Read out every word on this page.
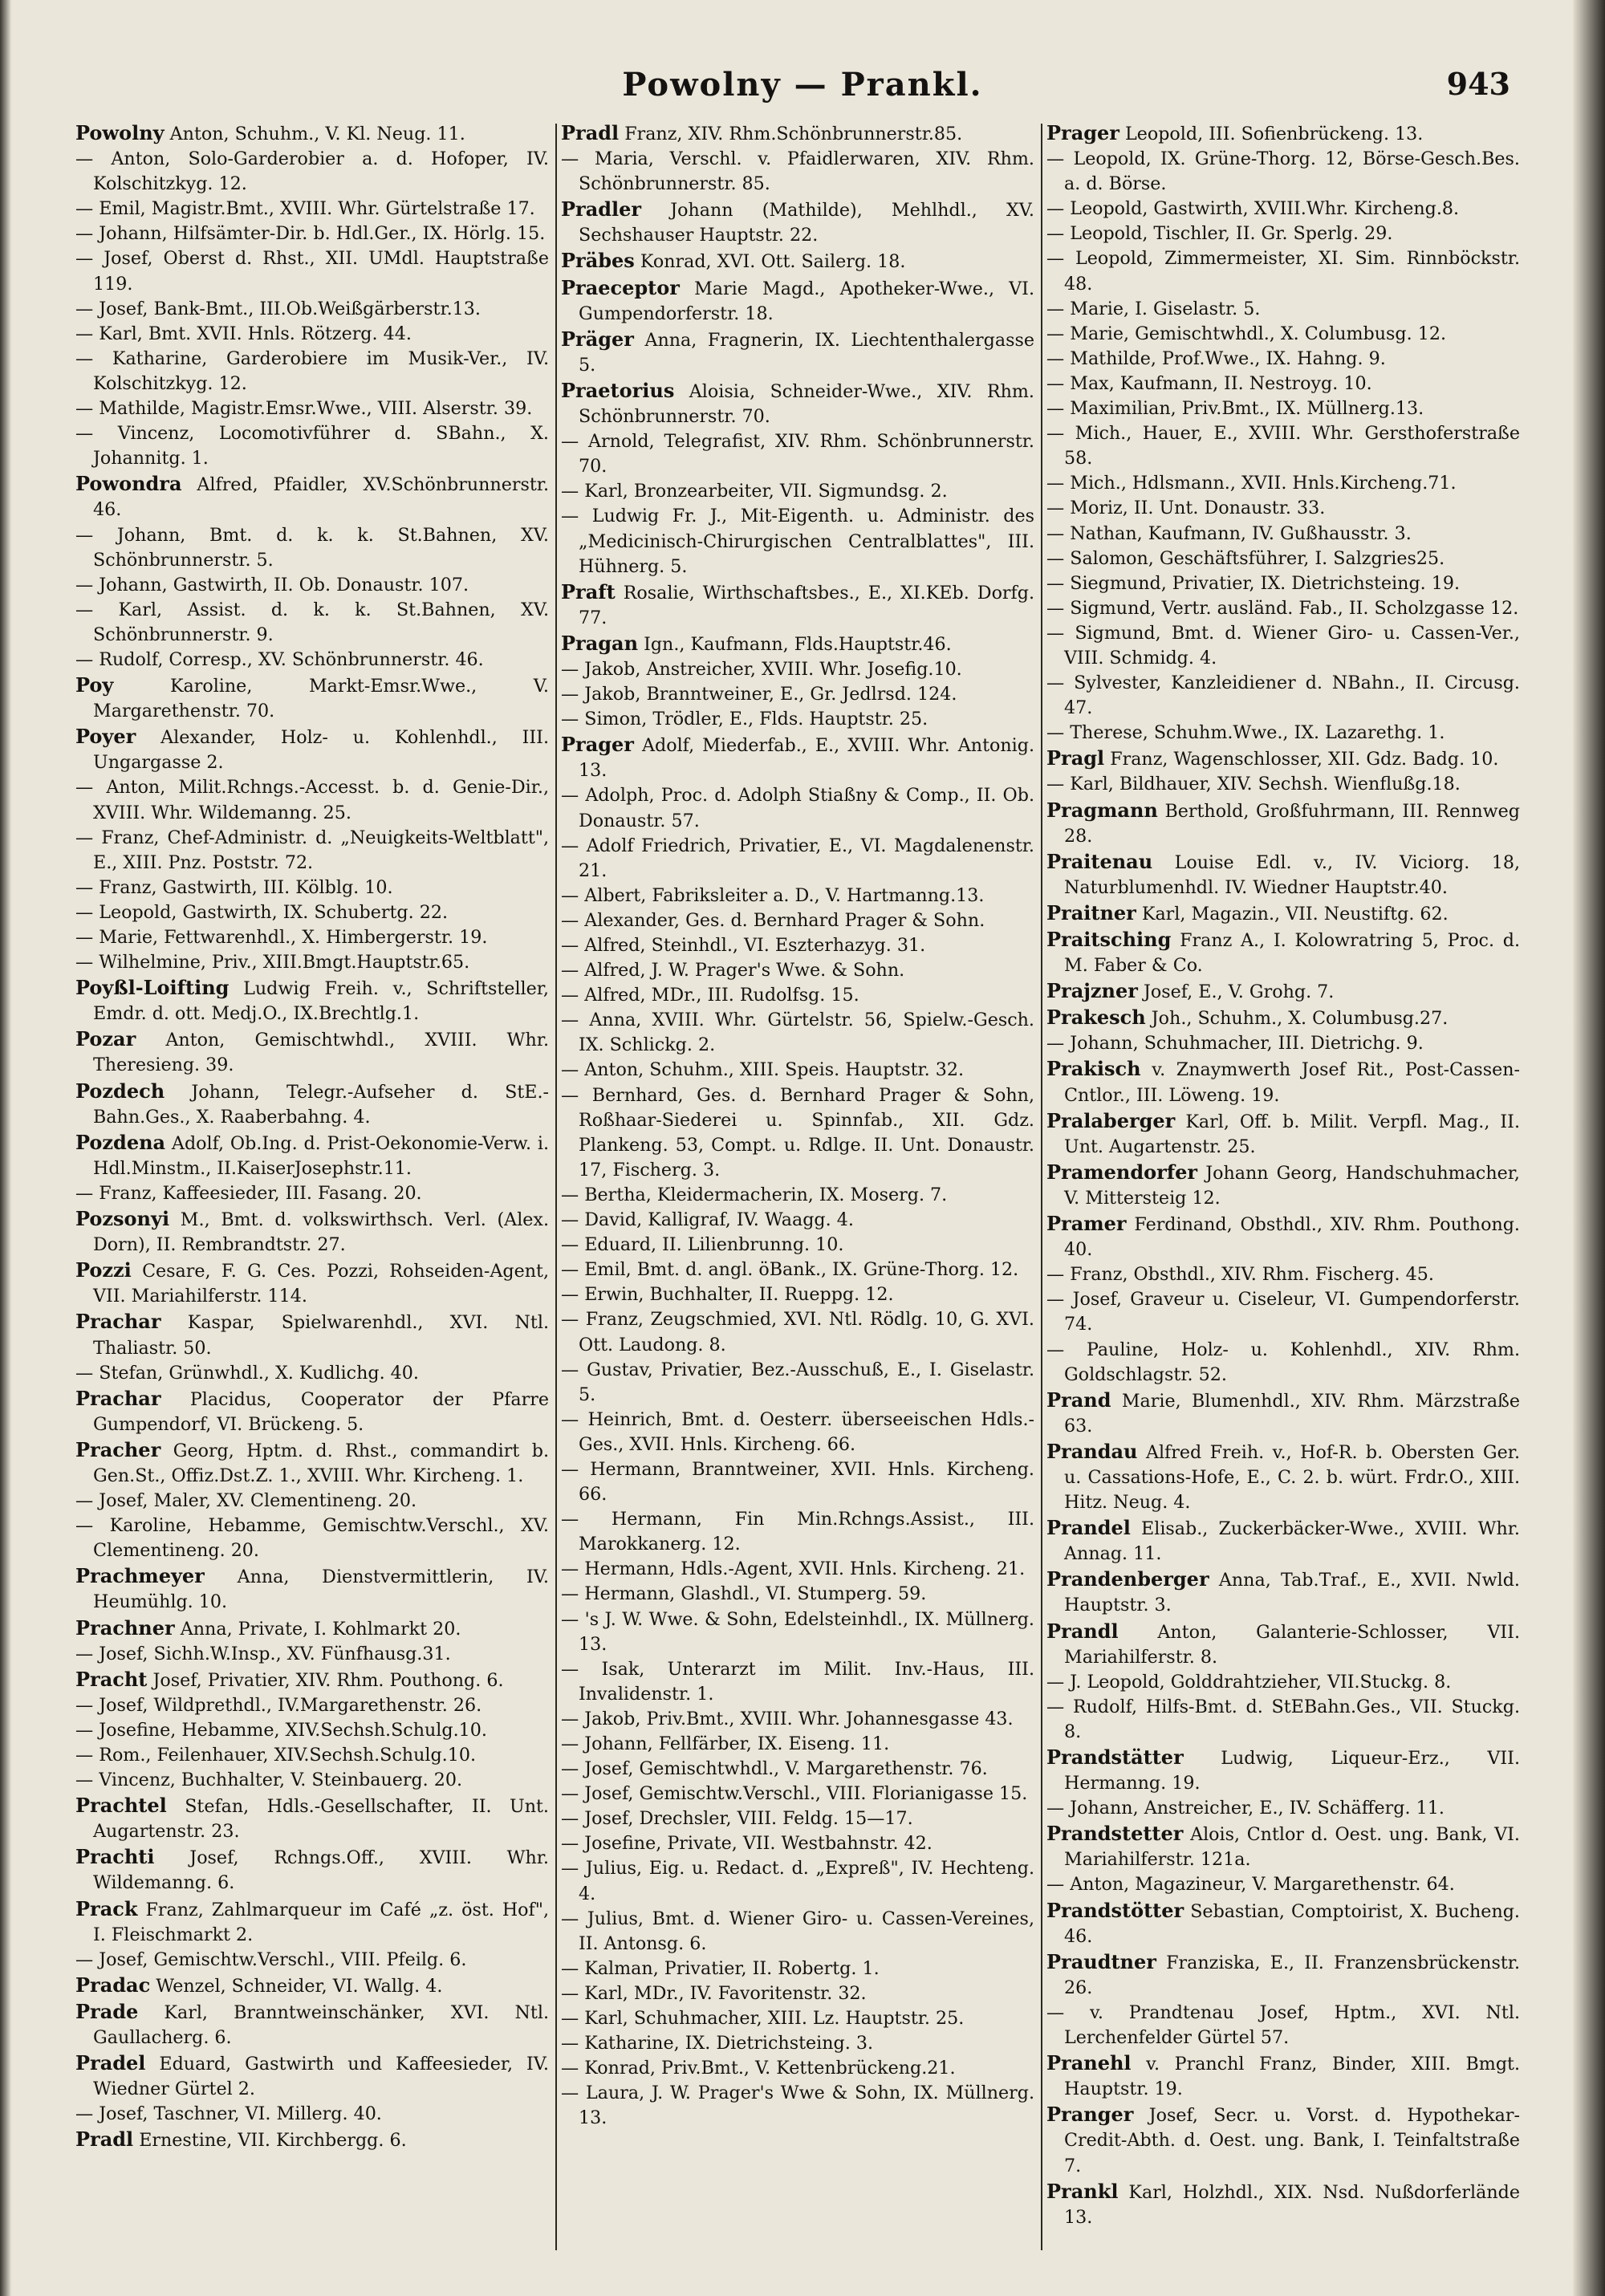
Powolny — Prankl.	943

Powolny Anton, Schuhm., V. Kl. Neug. 11.

— Anton, Solo-Garderobier a. d. Hofoper, IV. Kolschitzkyg. 12.

— Emil, Magistr.Bmt., XVIII. Whr. Gürtelstraße 17.

— Johann, Hilfsämter-Dir. b. Hdl.Ger., IX. Hörlg. 15.

— Josef, Oberst d. Rhst., XII. UMdl. Hauptstraße 119.

— Josef, Bank-Bmt., III.Ob.Weißgärberstr.13.

— Karl, Bmt. XVII. Hnls. Rötzerg. 44.

— Katharine, Garderobiere im Musik-Ver., IV. Kolschitzkyg. 12.

— Mathilde, Magistr.Emsr.Wwe., VIII. Alserstr. 39.

— Vincenz, Locomotivführer d. SBahn., X. Johannitg. 1.

Powondra Alfred, Pfaidler, XV.Schönbrunnerstr. 46.

— Johann, Bmt. d. k. k. St.Bahnen, XV. Schönbrunnerstr. 5.

— Johann, Gastwirth, II. Ob. Donaustr. 107.

— Karl, Assist. d. k. k. St.Bahnen, XV. Schönbrunnerstr. 9.

— Rudolf, Corresp., XV. Schönbrunnerstr. 46.

Poy	Karoline, Markt-Emsr.Wwe., V. Margarethenstr. 70.

Poyer Alexander, Holz- u. Kohlenhdl., III. Ungargasse 2.

— Anton, Milit.Rchngs.-Accesst. b. d. Genie-Dir., XVIII. Whr. Wildemanng. 25.

— Franz, Chef-Administr. d. „Neuigkeits-Weltblatt", E., XIII. Pnz. Poststr. 72.

— Franz, Gastwirth, III. Kölblg. 10.

— Leopold, Gastwirth, IX. Schubertg. 22.

— Marie, Fettwarenhdl., X. Himbergerstr. 19.

— Wilhelmine, Priv., XIII.Bmgt.Hauptstr.65.

Poyßl-Loifting Ludwig Freih. v., Schriftsteller, Emdr. d. ott. Medj.O., IX.Brechtlg.1.

Pozar Anton, Gemischtwhdl., XVIII. Whr. Theresieng. 39.

Pozdech Johann, Telegr.-Aufseher d. StE.-Bahn.Ges., X. Raaberbahng. 4.

Pozdena Adolf, Ob.Ing. d. Prist-Oekonomie-Verw. i. Hdl.Minstm., II.KaiserJosephstr.11.

— Franz, Kaffeesieder, III. Fasang. 20.

Pozsonyi M., Bmt. d. volkswirthsch. Verl. (Alex. Dorn), II. Rembrandtstr. 27.

Pozzi Cesare, F. G. Ces. Pozzi, Rohseiden-Agent, VII. Mariahilferstr. 114.

Prachar Kaspar, Spielwarenhdl., XVI. Ntl. Thaliastr. 50.

— Stefan, Grünwhdl., X. Kudlichg. 40.

Prachar Placidus, Cooperator der Pfarre Gumpendorf, VI. Brückeng. 5.

Pracher Georg, Hptm. d. Rhst., commandirt b. Gen.St., Offiz.Dst.Z. 1., XVIII. Whr. Kircheng. 1.

— Josef, Maler, XV. Clementineng. 20.

— Karoline, Hebamme, Gemischtw.Verschl., XV. Clementineng. 20.

Prachmeyer Anna, Dienstvermittlerin, IV. Heumühlg. 10.

Prachner Anna, Private, I. Kohlmarkt 20.

— Josef, Sichh.W.Insp., XV. Fünfhausg.31.

Pracht Josef, Privatier, XIV. Rhm. Pouthong. 6.

— Josef, Wildprethdl., IV.Margarethenstr. 26.

— Josefine, Hebamme, XIV.Sechsh.Schulg.10.

— Rom., Feilenhauer, XIV.Sechsh.Schulg.10.

— Vincenz, Buchhalter, V. Steinbauerg. 20.

Prachtel Stefan, Hdls.-Gesellschafter, II. Unt. Augartenstr. 23.

Prachti Josef, Rchngs.Off., XVIII. Whr. Wildemanng. 6.

Prack Franz, Zahlmarqueur im Café „z. öst. Hof", I. Fleischmarkt 2.

— Josef, Gemischtw.Verschl., VIII. Pfeilg. 6.

Pradac Wenzel, Schneider, VI. Wallg. 4.

Prade Karl, Branntweinschänker, XVI. Ntl. Gaullacherg. 6.

Pradel Eduard, Gastwirth und Kaffeesieder, IV. Wiedner Gürtel 2.

— Josef, Taschner, VI. Millerg. 40.

Pradl Ernestine, VII. Kirchbergg. 6.

Pradl Franz, XIV. Rhm.Schönbrunnerstr.85.

— Maria, Verschl. v. Pfaidlerwaren, XIV. Rhm. Schönbrunnerstr. 85.

Pradler Johann (Mathilde), Mehlhdl., XV. Sechshauser Hauptstr. 22.

Präbes Konrad, XVI. Ott. Sailerg. 18.

Praeceptor Marie Magd., Apotheker-Wwe., VI. Gumpendorferstr. 18.

Präger Anna, Fragnerin, IX. Liechtenthalergasse 5.

Praetorius Aloisia, Schneider-Wwe., XIV. Rhm. Schönbrunnerstr. 70.

— Arnold, Telegrafist, XIV. Rhm. Schönbrunnerstr. 70.

— Karl, Bronzearbeiter, VII. Sigmundsg. 2.

— Ludwig Fr. J., Mit-Eigenth. u. Administr. des „Medicinisch-Chirurgischen Centralblattes", III. Hühnerg. 5.

Praft Rosalie, Wirthschaftsbes., E., XI.KEb. Dorfg. 77.

Pragan Ign., Kaufmann, Flds.Hauptstr.46.

— Jakob, Anstreicher, XVIII. Whr. Josefig.10.

— Jakob, Branntweiner, E., Gr. Jedlrsd. 124.

— Simon, Trödler, E., Flds. Hauptstr. 25.

Prager Adolf, Miederfab., E., XVIII. Whr. Antonig. 13.

— Adolph, Proc. d. Adolph Stiaßny & Comp., II. Ob. Donaustr. 57.

— Adolf Friedrich, Privatier, E., VI. Magdalenenstr. 21.

— Albert, Fabriksleiter a. D., V. Hartmanng.13.

— Alexander, Ges. d. Bernhard Prager & Sohn.

— Alfred, Steinhdl., VI. Eszterhazyg. 31.

— Alfred, J. W. Prager's Wwe. & Sohn.

— Alfred, MDr., III. Rudolfsg. 15.

— Anna, XVIII. Whr. Gürtelstr. 56, Spielw.-Gesch. IX. Schlickg. 2.

— Anton, Schuhm., XIII. Speis. Hauptstr. 32.

— Bernhard, Ges. d. Bernhard Prager & Sohn, Roßhaar-Siederei u. Spinnfab., XII. Gdz. Plankeng. 53, Compt. u. Rdlge. II. Unt. Donaustr. 17, Fischerg. 3.

— Bertha, Kleidermacherin, IX. Moserg. 7.

— David, Kalligraf, IV. Waagg. 4.

— Eduard, II. Lilienbrunng. 10.

— Emil, Bmt. d. angl. öBank., IX. Grüne-Thorg. 12.

— Erwin, Buchhalter, II. Rueppg. 12.

— Franz, Zeugschmied, XVI. Ntl. Rödlg. 10, G. XVI. Ott. Laudong. 8.

— Gustav, Privatier, Bez.-Ausschuß, E., I. Giselastr. 5.

— Heinrich, Bmt. d. Oesterr. überseeischen Hdls.-Ges., XVII. Hnls. Kircheng. 66.

— Hermann, Branntweiner, XVII. Hnls. Kircheng. 66.

— Hermann, Fin Min.Rchngs.Assist., III. Marokkanerg. 12.

— Hermann, Hdls.-Agent, XVII. Hnls. Kircheng. 21.

— Hermann, Glashdl., VI. Stumperg. 59.

— 's J. W. Wwe. & Sohn, Edelsteinhdl., IX. Müllnerg. 13.

— Isak, Unterarzt im Milit. Inv.-Haus, III. Invalidenstr. 1.

— Jakob, Priv.Bmt., XVIII. Whr. Johannesgasse 43.

— Johann, Fellfärber, IX. Eiseng. 11.

— Josef, Gemischtwhdl., V. Margarethenstr. 76.

— Josef, Gemischtw.Verschl., VIII. Florianigasse 15.

— Josef, Drechsler, VIII. Feldg. 15—17.

— Josefine, Private, VII. Westbahnstr. 42.

— Julius, Eig. u. Redact. d. „Expreß", IV. Hechteng. 4.

— Julius, Bmt. d. Wiener Giro- u. Cassen-Vereines, II. Antonsg. 6.

— Kalman, Privatier, II. Robertg. 1.

— Karl, MDr., IV. Favoritenstr. 32.

— Karl, Schuhmacher, XIII. Lz. Hauptstr. 25.

— Katharine, IX. Dietrichsteing. 3.

— Konrad, Priv.Bmt., V. Kettenbrückeng.21.

— Laura, J. W. Prager's Wwe & Sohn, IX. Müllnerg. 13.

Prager Leopold, III. Sofienbrückeng. 13.

— Leopold, IX. Grüne-Thorg. 12, Börse-Gesch.Bes. a. d. Börse.

— Leopold, Gastwirth, XVIII.Whr. Kircheng.8.

— Leopold, Tischler, II. Gr. Sperlg. 29.

— Leopold, Zimmermeister, XI. Sim. Rinnböckstr. 48.

— Marie, I. Giselastr. 5.

— Marie, Gemischtwhdl., X. Columbusg. 12.

— Mathilde, Prof.Wwe., IX. Hahng. 9.

— Max, Kaufmann, II. Nestroyg. 10.

— Maximilian, Priv.Bmt., IX. Müllnerg.13.

— Mich., Hauer, E., XVIII. Whr. Gersthoferstraße 58.

— Mich., Hdlsmann., XVII. Hnls.Kircheng.71.

— Moriz, II. Unt. Donaustr. 33.

— Nathan, Kaufmann, IV. Gußhausstr. 3.

— Salomon, Geschäftsführer, I. Salzgries25.

— Siegmund, Privatier, IX. Dietrichsteing. 19.

— Sigmund, Vertr. ausländ. Fab., II. Scholzgasse 12.

— Sigmund, Bmt. d. Wiener Giro- u. Cassen-Ver., VIII. Schmidg. 4.

— Sylvester, Kanzleidiener d. NBahn., II. Circusg. 47.

— Therese, Schuhm.Wwe., IX. Lazarethg. 1.

Pragl Franz, Wagenschlosser, XII. Gdz. Badg. 10.

— Karl, Bildhauer, XIV. Sechsh. Wienflußg.18.

Pragmann Berthold, Großfuhrmann, III. Rennweg 28.

Praitenau Louise Edl. v., IV. Viciorg. 18, Naturblumenhdl. IV. Wiedner Hauptstr.40.

Praitner Karl, Magazin., VII. Neustiftg. 62.

Praitsching Franz A., I. Kolowratring 5, Proc. d. M. Faber & Co.

Prajzner Josef, E., V. Grohg. 7.

Prakesch Joh., Schuhm., X. Columbusg.27.

— Johann, Schuhmacher, III. Dietrichg. 9.

Prakisch v. Znaymwerth Josef Rit., Post-Cassen-Cntlor., III. Löweng. 19.

Pralaberger Karl, Off. b. Milit. Verpfl. Mag., II. Unt. Augartenstr. 25.

Pramendorfer Johann Georg, Handschuhmacher, V. Mittersteig 12.

Pramer Ferdinand, Obsthdl., XIV. Rhm. Pouthong. 40.

— Franz, Obsthdl., XIV. Rhm. Fischerg. 45.

— Josef, Graveur u. Ciseleur, VI. Gumpendorferstr. 74.

— Pauline, Holz- u. Kohlenhdl., XIV. Rhm. Goldschlagstr. 52.

Prand Marie, Blumenhdl., XIV. Rhm. Märzstraße 63.

Prandau Alfred Freih. v., Hof-R. b. Obersten Ger. u. Cassations-Hofe, E., C. 2. b. würt. Frdr.O., XIII. Hitz. Neug. 4.

Prandel Elisab., Zuckerbäcker-Wwe., XVIII. Whr. Annag. 11.

Prandenberger Anna, Tab.Traf., E., XVII. Nwld. Hauptstr. 3.

Prandl Anton, Galanterie-Schlosser, VII. Mariahilferstr. 8.

— J. Leopold, Golddrahtzieher, VII.Stuckg. 8.

— Rudolf, Hilfs-Bmt. d. StEBahn.Ges., VII. Stuckg. 8.

Prandstätter Ludwig, Liqueur-Erz., VII. Hermanng. 19.

— Johann, Anstreicher, E., IV. Schäfferg. 11.

Prandstetter Alois, Cntlor d. Oest. ung. Bank, VI. Mariahilferstr. 121a.

— Anton, Magazineur, V. Margarethenstr. 64.

Prandstötter Sebastian, Comptoirist, X. Bucheng. 46.

Praudtner Franziska, E., II. Franzensbrückenstr. 26.

— v. Prandtenau Josef, Hptm., XVI. Ntl. Lerchenfelder Gürtel 57.

Pranehl v. Pranchl Franz, Binder, XIII. Bmgt. Hauptstr. 19.

Pranger Josef, Secr. u. Vorst. d. Hypothekar-Credit-Abth. d. Oest. ung. Bank, I. Teinfaltstraße 7.

Prankl Karl, Holzhdl., XIX. Nsd. Nußdorferlände 13.
